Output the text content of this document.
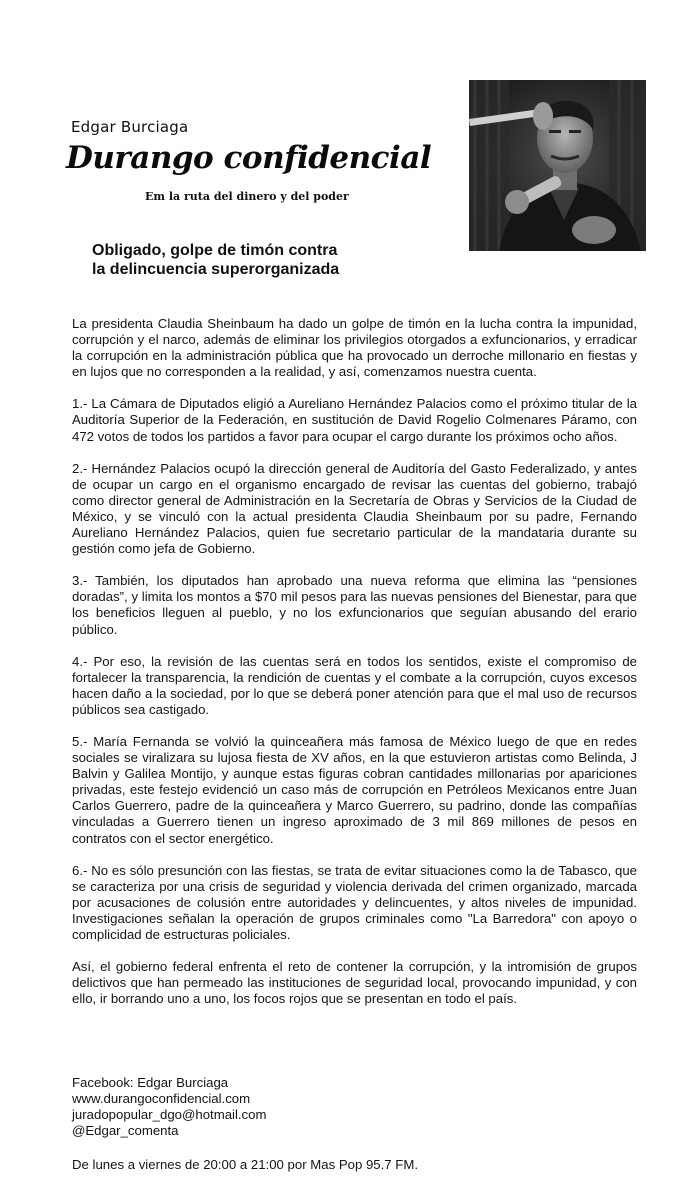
Edgar Burciaga
Durango confidencial
Em la ruta del dinero y del poder
Obligado, golpe de timón contra
la delincuencia superorganizada

La presidenta Claudia Sheinbaum ha dado un golpe de timón en la lucha contra la impunidad, corrupción y el narco, además de eliminar los privilegios otorgados a exfuncionarios, y erradicar la corrupción en la administración pública que ha provocado un derroche millonario en fiestas y en lujos que no corresponden a la realidad, y así, comenzamos nuestra cuenta.

1.- La Cámara de Diputados eligió a Aureliano Hernández Palacios como el próximo titular de la Auditoría Superior de la Federación, en sustitución de David Rogelio Colmenares Páramo, con 472 votos de todos los partidos a favor para ocupar el cargo durante los próximos ocho años.

2.- Hernández Palacios ocupó la dirección general de Auditoría del Gasto Federalizado, y antes de ocupar un cargo en el organismo encargado de revisar las cuentas del gobierno, trabajó como director general de Administración en la Secretaría de Obras y Servicios de la Ciudad de México, y se vinculó con la actual presidenta Claudia Sheinbaum por su padre, Fernando Aureliano Hernández Palacios, quien fue secretario particular de la mandataria durante su gestión como jefa de Gobierno.

3.- También, los diputados han aprobado una nueva reforma que elimina las “pensiones doradas”, y limita los montos a $70 mil pesos para las nuevas pensiones del Bienestar, para que los beneficios lleguen al pueblo, y no los exfuncionarios que seguían abusando del erario público.

4.- Por eso, la revisión de las cuentas será en todos los sentidos, existe el compromiso de fortalecer la transparencia, la rendición de cuentas y el combate a la corrupción, cuyos excesos hacen daño a la sociedad, por lo que se deberá poner atención para que el mal uso de recursos públicos sea castigado.

5.- María Fernanda se volvió la quinceañera más famosa de México luego de que en redes sociales se viralizara su lujosa fiesta de XV años, en la que estuvieron artistas como Belinda, J Balvin y Galilea Montijo, y aunque estas figuras cobran cantidades millonarias por apariciones privadas, este festejo evidenció un caso más de corrupción en Petróleos Mexicanos entre Juan Carlos Guerrero, padre de la quinceañera y Marco Guerrero, su padrino, donde las compañías vinculadas a Guerrero tienen un ingreso aproximado de 3 mil 869 millones de pesos en contratos con el sector energético.

6.- No es sólo presunción con las fiestas, se trata de evitar situaciones como la de Tabasco, que se caracteriza por una crisis de seguridad y violencia derivada del crimen organizado, marcada por acusaciones de colusión entre autoridades y delincuentes, y altos niveles de impunidad. Investigaciones señalan la operación de grupos criminales como "La Barredora" con apoyo o complicidad de estructuras policiales.

Así, el gobierno federal enfrenta el reto de contener la corrupción, y la intromisión de grupos delictivos que han permeado las instituciones de seguridad local, provocando impunidad, y con ello, ir borrando uno a uno, los focos rojos que se presentan en todo el país.

Facebook: Edgar Burciaga
www.durangoconfidencial.com
juradopopular_dgo@hotmail.com
@Edgar_comenta
De lunes a viernes de 20:00 a 21:00 por Mas Pop 95.7 FM.
